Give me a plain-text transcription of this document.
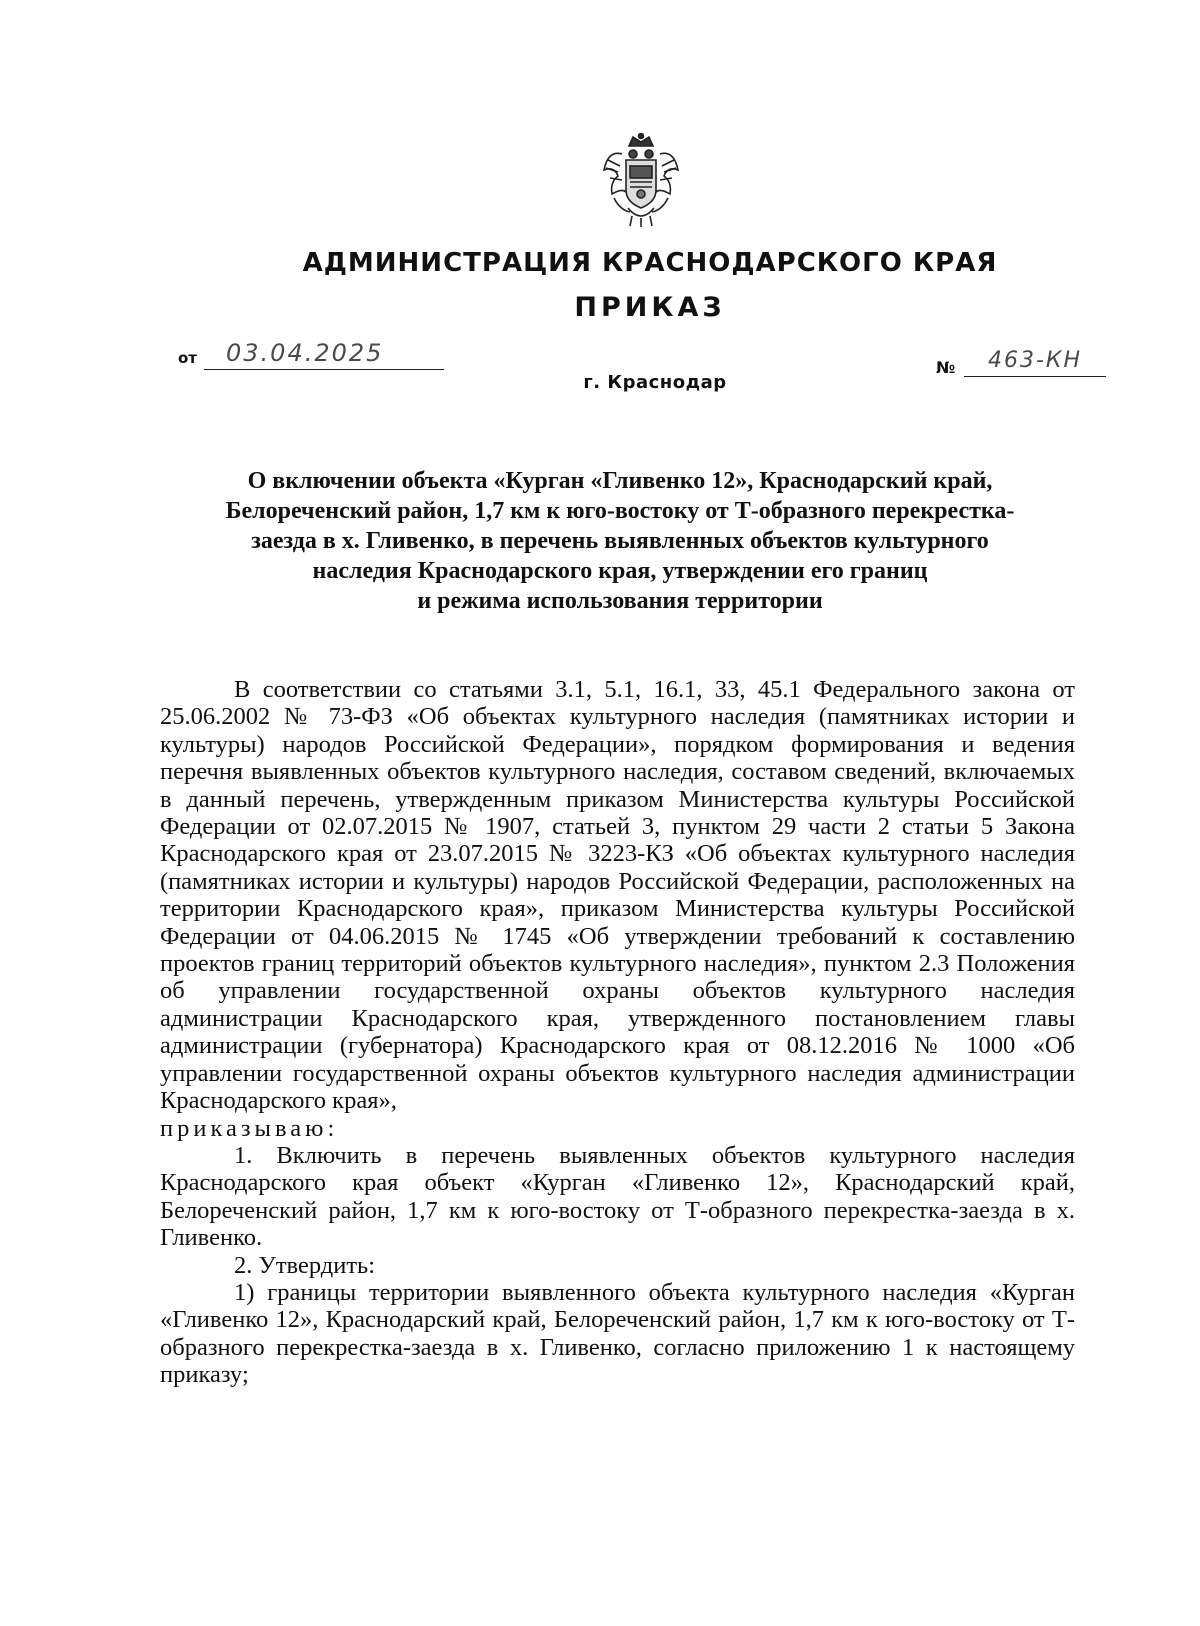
АДМИНИСТРАЦИЯ КРАСНОДАРСКОГО КРАЯ
ПРИКАЗ
от 03.04.2025
№ 463-КН
г. Краснодар
О включении объекта «Курган «Гливенко 12», Краснодарский край,
Белореченский район, 1,7 км к юго-востоку от Т-образного перекрестка-
заезда в х. Гливенко, в перечень выявленных объектов культурного
наследия Краснодарского края, утверждении его границ
и режима использования территории

В соответствии со статьями 3.1, 5.1, 16.1, 33, 45.1 Федерального закона от 25.06.2002 № 73-ФЗ «Об объектах культурного наследия (памятниках истории и культуры) народов Российской Федерации», порядком формирования и ведения перечня выявленных объектов культурного наследия, составом сведений, включаемых в данный перечень, утвержденным приказом Министерства культуры Российской Федерации от 02.07.2015 № 1907, статьей 3, пунктом 29 части 2 статьи 5 Закона Краснодарского края от 23.07.2015 № 3223-КЗ «Об объектах культурного наследия (памятниках истории и культуры) народов Российской Федерации, расположенных на территории Краснодарского края», приказом Министерства культуры Российской Федерации от 04.06.2015 № 1745 «Об утверждении требований к составлению проектов границ территорий объектов культурного наследия», пунктом 2.3 Положения об управлении государственной охраны объектов культурного наследия администрации Краснодарского края, утвержденного постановлением главы администрации (губернатора) Краснодарского края от 08.12.2016 № 1000 «Об управлении государственной охраны объектов культурного наследия администрации Краснодарского края»,

приказываю:

1. Включить в перечень выявленных объектов культурного наследия Краснодарского края объект «Курган «Гливенко 12», Краснодарский край, Белореченский район, 1,7 км к юго-востоку от Т-образного перекрестка-заезда в х. Гливенко.

2. Утвердить:

1) границы территории выявленного объекта культурного наследия «Курган «Гливенко 12», Краснодарский край, Белореченский район, 1,7 км к юго-востоку от Т-образного перекрестка-заезда в х. Гливенко, согласно приложению 1 к настоящему приказу;
